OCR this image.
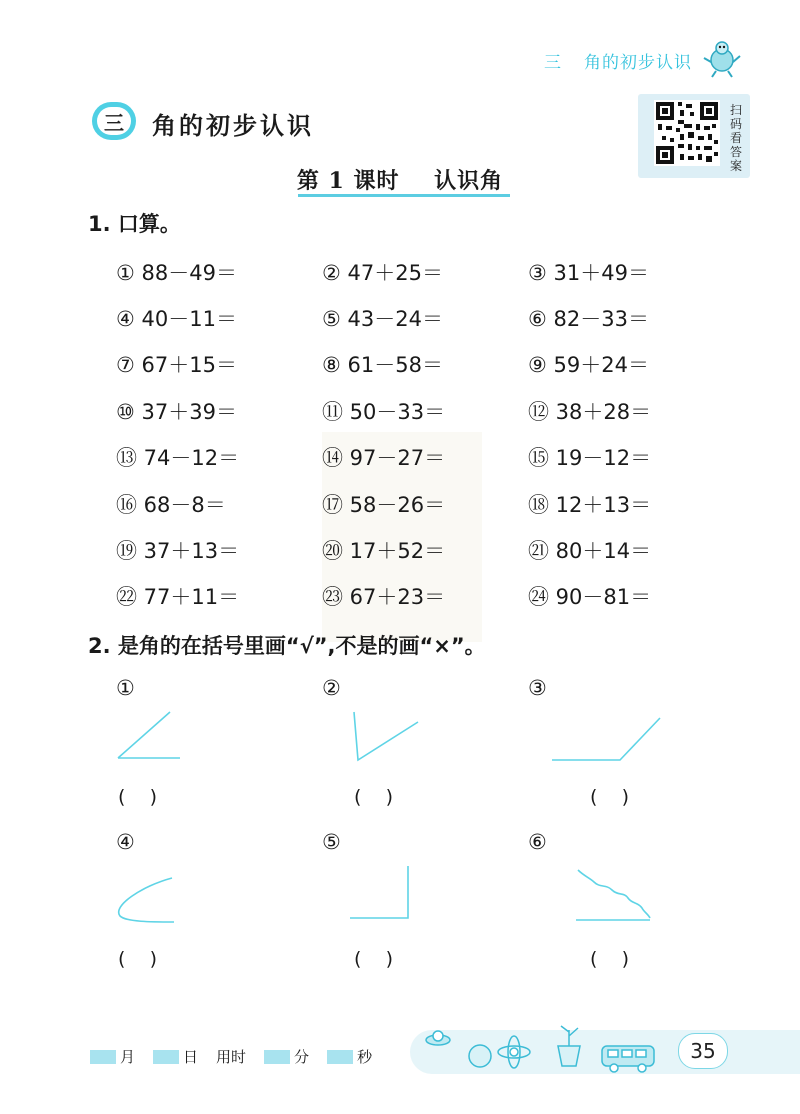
三 角的初步认识
三 角的初步认识
扫
码
看
答
案
第 1 课时    认识角
1. 口算。
① 88－49＝	② 47＋25＝	③ 31＋49＝
④ 40－11＝	⑤ 43－24＝	⑥ 82－33＝
⑦ 67＋15＝	⑧ 61－58＝	⑨ 59＋24＝
⑩ 37＋39＝	⑪ 50－33＝	⑫ 38＋28＝
⑬ 74－12＝	⑭ 97－27＝	⑮ 19－12＝
⑯ 68－8＝	⑰ 58－26＝	⑱ 12＋13＝
⑲ 37＋13＝	⑳ 17＋52＝	㉑ 80＋14＝
㉒ 77＋11＝	㉓ 67＋23＝	㉔ 90－81＝
2. 是角的在括号里画“√”,不是的画“×”。
①	②	③
(    )	(    )	(    )
④	⑤	⑥
(    )	(    )	(    )
月	日 用时	分	秒	35
